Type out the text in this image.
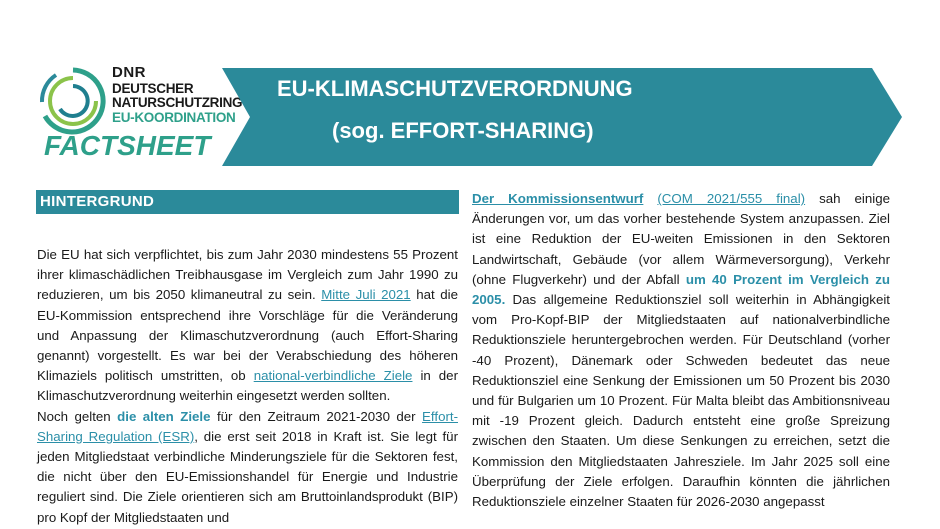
DNR
DEUTSCHER
NATURSCHUTZRING
EU-KOORDINATION
FACTSHEET
EU-KLIMASCHUTZVERORDNUNG
(sog. EFFORT-SHARING)
HINTERGRUND

Die EU hat sich verpflichtet, bis zum Jahr 2030 mindestens 55 Prozent ihrer klimaschädlichen Treibhausgase im Vergleich zum Jahr 1990 zu reduzieren, um bis 2050 klimaneutral zu sein. Mitte Juli 2021 hat die EU-Kommission entsprechend ihre Vorschläge für die Veränderung und Anpassung der Klimaschutzverordnung (auch Effort-Sharing genannt) vorgestellt. Es war bei der Verabschiedung des höheren Klimaziels politisch umstritten, ob national-verbindliche Ziele in der Klimaschutzverordnung weiterhin eingesetzt werden sollten.

Noch gelten die alten Ziele für den Zeitraum 2021-2030 der Effort-Sharing Regulation (ESR), die erst seit 2018 in Kraft ist. Sie legt für jeden Mitgliedstaat verbindliche Minderungsziele für die Sektoren fest, die nicht über den EU-Emissionshandel für Energie und Industrie reguliert sind. Die Ziele orientieren sich am Bruttoinlandsprodukt (BIP) pro Kopf der Mitgliedstaaten und

Der Kommissionsentwurf (COM 2021/555 final) sah einige Änderungen vor, um das vorher bestehende System anzupassen. Ziel ist eine Reduktion der EU-weiten Emissionen in den Sektoren Landwirtschaft, Gebäude (vor allem Wärmeversorgung), Verkehr (ohne Flugverkehr) und der Abfall um 40 Prozent im Vergleich zu 2005. Das allgemeine Reduktionsziel soll weiterhin in Abhängigkeit vom Pro-Kopf-BIP der Mitgliedstaaten auf nationalverbindliche Reduktionsziele heruntergebrochen werden. Für Deutschland (vorher -40 Prozent), Dänemark oder Schweden bedeutet das neue Reduktionsziel eine Senkung der Emissionen um 50 Prozent bis 2030 und für Bulgarien um 10 Prozent. Für Malta bleibt das Ambitionsniveau mit -19 Prozent gleich. Dadurch entsteht eine große Spreizung zwischen den Staaten. Um diese Senkungen zu erreichen, setzt die Kommission den Mitgliedstaaten Jahresziele. Im Jahr 2025 soll eine Überprüfung der Ziele erfolgen. Daraufhin könnten die jährlichen Reduktionsziele einzelner Staaten für 2026-2030 angepasst
